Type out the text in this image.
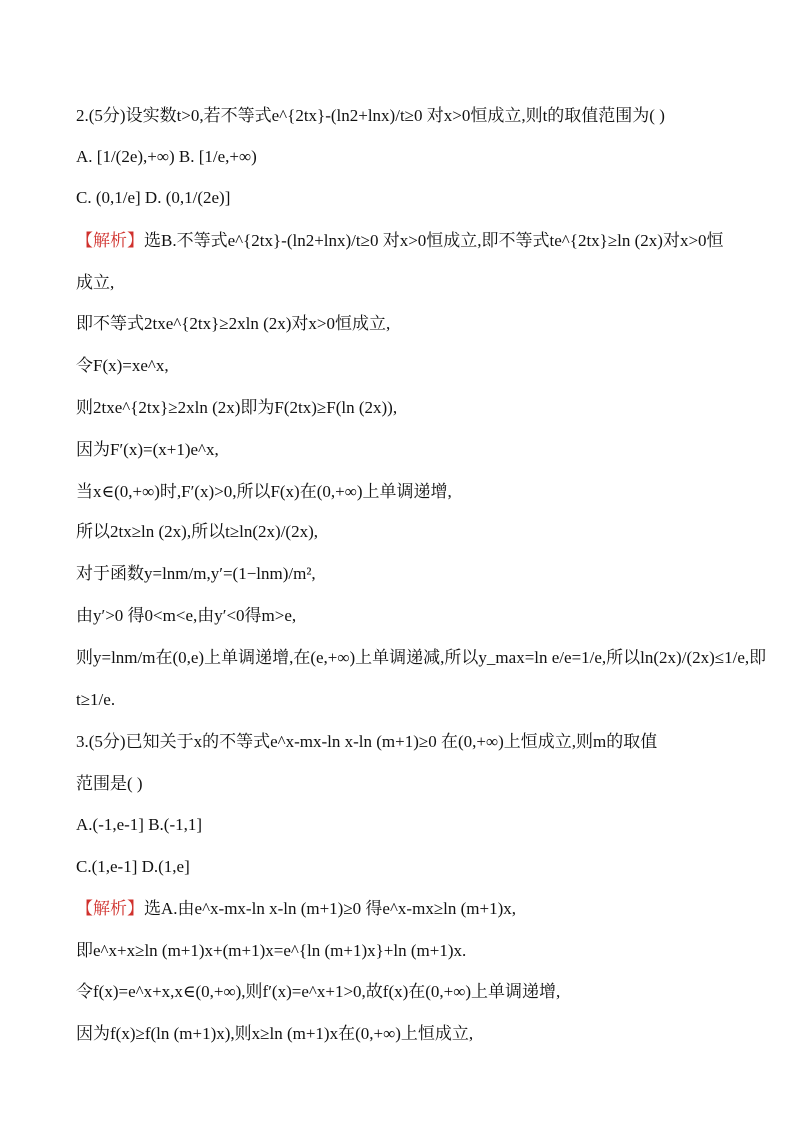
2.(5分)设实数t>0,若不等式e^{2tx}-(ln2+lnx)/t≥0 对x>0恒成立,则t的取值范围为( )
A. [1/(2e),+∞) B. [1/e,+∞)
C. (0,1/e] D. (0,1/(2e)]
【解析】选B.不等式e^{2tx}-(ln2+lnx)/t≥0 对x>0恒成立,即不等式te^{2tx}≥ln (2x)对x>0恒
成立,
即不等式2txe^{2tx}≥2xln (2x)对x>0恒成立,
令F(x)=xe^x,
则2txe^{2tx}≥2xln (2x)即为F(2tx)≥F(ln (2x)),
因为F′(x)=(x+1)e^x,
当x∈(0,+∞)时,F′(x)>0,所以F(x)在(0,+∞)上单调递增,
所以2tx≥ln (2x),所以t≥ln(2x)/(2x),
对于函数y=lnm/m,y′=(1−lnm)/m²,
由y′>0 得0<m<e,由y′<0得m>e,
则y=lnm/m在(0,e)上单调递增,在(e,+∞)上单调递减,所以y_max=ln e/e=1/e,所以ln(2x)/(2x)≤1/e,即
t≥1/e.
3.(5分)已知关于x的不等式e^x-mx-ln x-ln (m+1)≥0 在(0,+∞)上恒成立,则m的取值
范围是( )
A.(-1,e-1] B.(-1,1]
C.(1,e-1] D.(1,e]
【解析】选A.由e^x-mx-ln x-ln (m+1)≥0 得e^x-mx≥ln (m+1)x,
即e^x+x≥ln (m+1)x+(m+1)x=e^{ln (m+1)x}+ln (m+1)x.
令f(x)=e^x+x,x∈(0,+∞),则f′(x)=e^x+1>0,故f(x)在(0,+∞)上单调递增,
因为f(x)≥f(ln (m+1)x),则x≥ln (m+1)x在(0,+∞)上恒成立,
